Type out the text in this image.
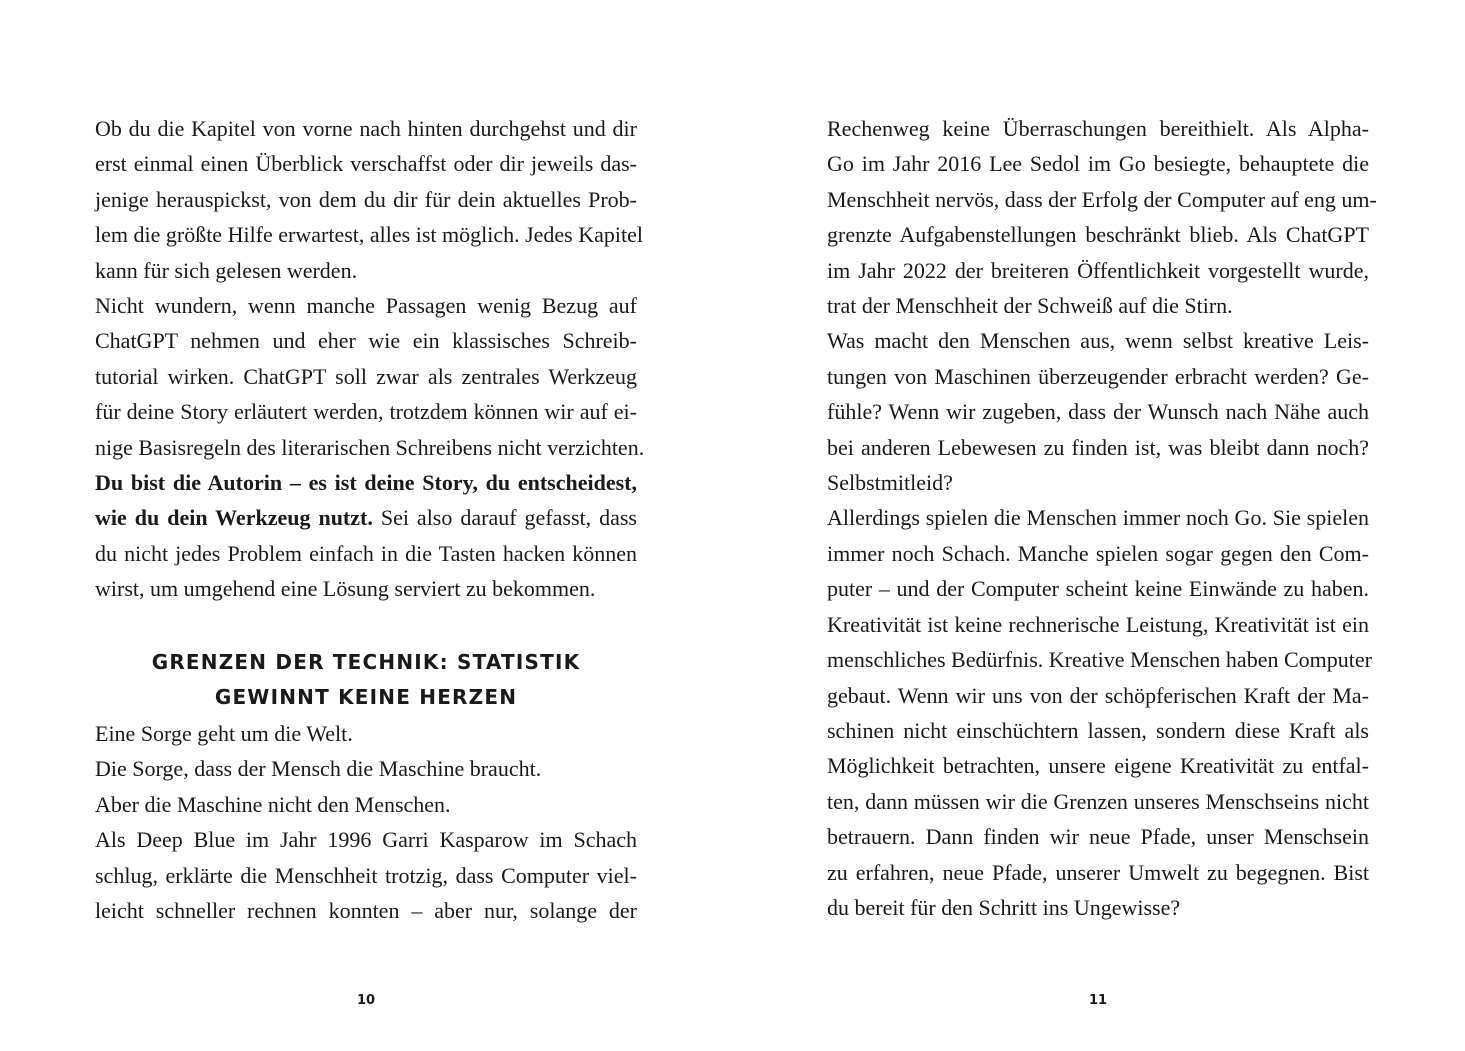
Ob du die Kapitel von vorne nach hinten durchgehst und dir
erst einmal einen Überblick verschaffst oder dir jeweils das-
jenige herauspickst, von dem du dir für dein aktuelles Prob-
lem die größte Hilfe erwartest, alles ist möglich. Jedes Kapitel
kann für sich gelesen werden.
Nicht wundern, wenn manche Passagen wenig Bezug auf
ChatGPT nehmen und eher wie ein klassisches Schreib-
tutorial wirken. ChatGPT soll zwar als zentrales Werkzeug
für deine Story erläutert werden, trotzdem können wir auf ei-
nige Basisregeln des literarischen Schreibens nicht verzichten.
Du bist die Autorin – es ist deine Story, du entscheidest,
wie du dein Werkzeug nutzt. Sei also darauf gefasst, dass
du nicht jedes Problem einfach in die Tasten hacken können
wirst, um umgehend eine Lösung serviert zu bekommen.
GRENZEN DER TECHNIK: STATISTIK
GEWINNT KEINE HERZEN
Eine Sorge geht um die Welt.
Die Sorge, dass der Mensch die Maschine braucht.
Aber die Maschine nicht den Menschen.
Als Deep Blue im Jahr 1996 Garri Kasparow im Schach
schlug, erklärte die Menschheit trotzig, dass Computer viel-
leicht schneller rechnen konnten – aber nur, solange der
10
Rechenweg keine Überraschungen bereithielt. Als Alpha-
Go im Jahr 2016 Lee Sedol im Go besiegte, behauptete die
Menschheit nervös, dass der Erfolg der Computer auf eng um-
grenzte Aufgabenstellungen beschränkt blieb. Als ChatGPT
im Jahr 2022 der breiteren Öffentlichkeit vorgestellt wurde,
trat der Menschheit der Schweiß auf die Stirn.
Was macht den Menschen aus, wenn selbst kreative Leis-
tungen von Maschinen überzeugender erbracht werden? Ge-
fühle? Wenn wir zugeben, dass der Wunsch nach Nähe auch
bei anderen Lebewesen zu finden ist, was bleibt dann noch?
Selbstmitleid?
Allerdings spielen die Menschen immer noch Go. Sie spielen
immer noch Schach. Manche spielen sogar gegen den Com-
puter – und der Computer scheint keine Einwände zu haben.
Kreativität ist keine rechnerische Leistung, Kreativität ist ein
menschliches Bedürfnis. Kreative Menschen haben Computer
gebaut. Wenn wir uns von der schöpferischen Kraft der Ma-
schinen nicht einschüchtern lassen, sondern diese Kraft als
Möglichkeit betrachten, unsere eigene Kreativität zu entfal-
ten, dann müssen wir die Grenzen unseres Menschseins nicht
betrauern. Dann finden wir neue Pfade, unser Menschsein
zu erfahren, neue Pfade, unserer Umwelt zu begegnen. Bist
du bereit für den Schritt ins Ungewisse?
11
